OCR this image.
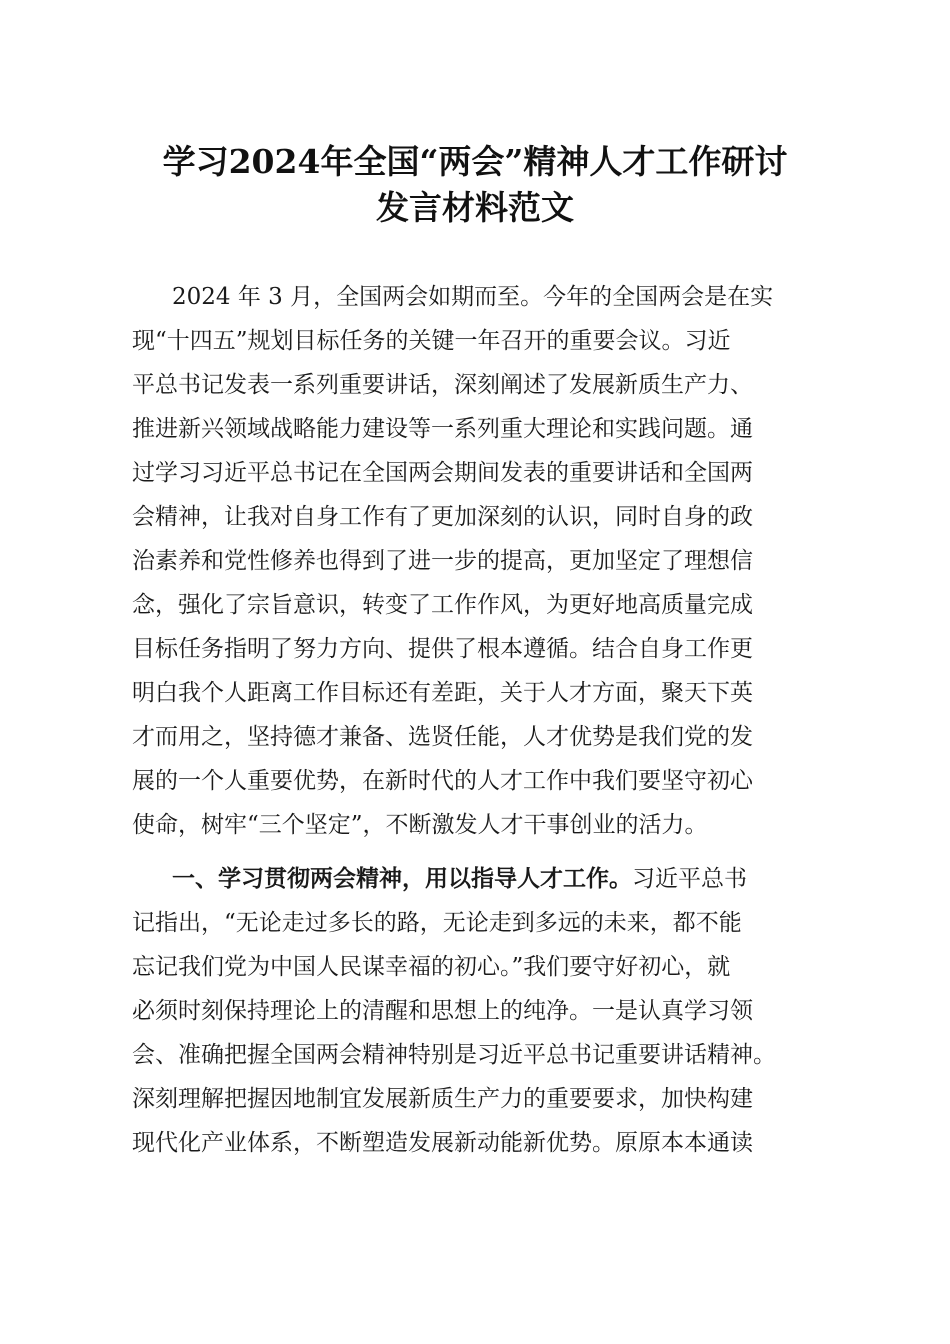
学习2024年全国“两会”精神人才工作研讨
发言材料范文
2024 年 3 月，全国两会如期而至。今年的全国两会是在实
现“十四五”规划目标任务的关键一年召开的重要会议。习近
平总书记发表一系列重要讲话，深刻阐述了发展新质生产力、
推进新兴领域战略能力建设等一系列重大理论和实践问题。通
过学习习近平总书记在全国两会期间发表的重要讲话和全国两
会精神，让我对自身工作有了更加深刻的认识，同时自身的政
治素养和党性修养也得到了进一步的提高，更加坚定了理想信
念，强化了宗旨意识，转变了工作作风，为更好地高质量完成
目标任务指明了努力方向、提供了根本遵循。结合自身工作更
明白我个人距离工作目标还有差距，关于人才方面，聚天下英
才而用之，坚持德才兼备、选贤任能，人才优势是我们党的发
展的一个人重要优势，在新时代的人才工作中我们要坚守初心
使命，树牢“三个坚定”，不断激发人才干事创业的活力。
一、学习贯彻两会精神，用以指导人才工作。习近平总书
记指出，“无论走过多长的路，无论走到多远的未来，都不能
忘记我们党为中国人民谋幸福的初心。”我们要守好初心，就
必须时刻保持理论上的清醒和思想上的纯净。一是认真学习领
会、准确把握全国两会精神特别是习近平总书记重要讲话精神。
深刻理解把握因地制宜发展新质生产力的重要要求，加快构建
现代化产业体系，不断塑造发展新动能新优势。原原本本通读
